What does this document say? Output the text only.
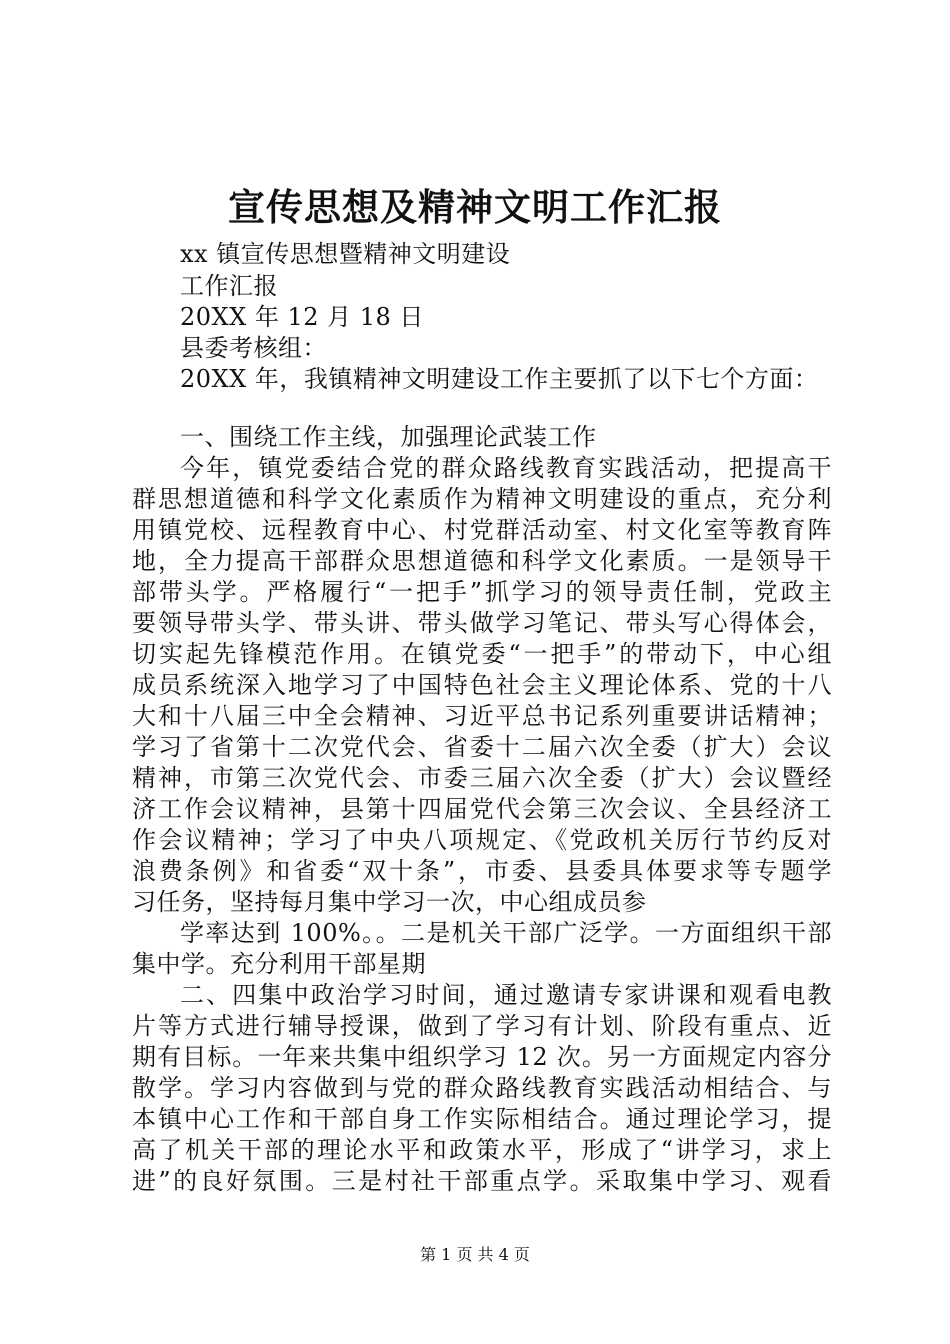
宣传思想及精神文明工作汇报
xx 镇宣传思想暨精神文明建设
工作汇报
20XX 年 12 月 18 日
县委考核组：
20XX 年，我镇精神文明建设工作主要抓了以下七个方面：
一、围绕工作主线，加强理论武装工作
今年，镇党委结合党的群众路线教育实践活动，把提高干
群思想道德和科学文化素质作为精神文明建设的重点，充分利
用镇党校、远程教育中心、村党群活动室、村文化室等教育阵
地，全力提高干部群众思想道德和科学文化素质。一是领导干
部带头学。严格履行“一把手”抓学习的领导责任制，党政主
要领导带头学、带头讲、带头做学习笔记、带头写心得体会，
切实起先锋模范作用。在镇党委“一把手”的带动下，中心组
成员系统深入地学习了中国特色社会主义理论体系、党的十八
大和十八届三中全会精神、习近平总书记系列重要讲话精神；
学习了省第十二次党代会、省委十二届六次全委（扩大）会议
精神，市第三次党代会、市委三届六次全委（扩大）会议暨经
济工作会议精神，县第十四届党代会第三次会议、全县经济工
作会议精神；学习了中央八项规定、《党政机关厉行节约反对
浪费条例》和省委“双十条”，市委、县委具体要求等专题学
习任务，坚持每月集中学习一次，中心组成员参
学率达到 100%。。二是机关干部广泛学。一方面组织干部
集中学。充分利用干部星期
二、四集中政治学习时间，通过邀请专家讲课和观看电教
片等方式进行辅导授课，做到了学习有计划、阶段有重点、近
期有目标。一年来共集中组织学习 12 次。另一方面规定内容分
散学。学习内容做到与党的群众路线教育实践活动相结合、与
本镇中心工作和干部自身工作实际相结合。通过理论学习，提
高了机关干部的理论水平和政策水平，形成了“讲学习，求上
进”的良好氛围。三是村社干部重点学。采取集中学习、观看
第 1 页 共 4 页
